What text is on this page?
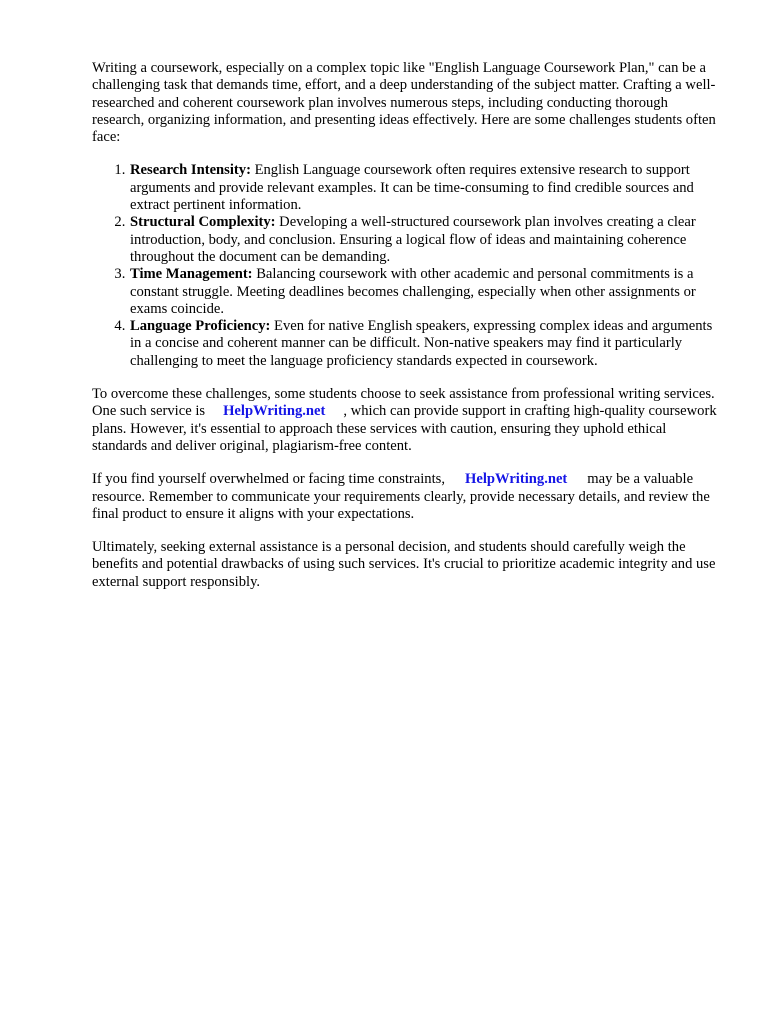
Writing a coursework, especially on a complex topic like "English Language Coursework Plan," can be a challenging task that demands time, effort, and a deep understanding of the subject matter. Crafting a well-researched and coherent coursework plan involves numerous steps, including conducting thorough research, organizing information, and presenting ideas effectively. Here are some challenges students often face:

1. Research Intensity: English Language coursework often requires extensive research to support arguments and provide relevant examples. It can be time-consuming to find credible sources and extract pertinent information.
2. Structural Complexity: Developing a well-structured coursework plan involves creating a clear introduction, body, and conclusion. Ensuring a logical flow of ideas and maintaining coherence throughout the document can be demanding.
3. Time Management: Balancing coursework with other academic and personal commitments is a constant struggle. Meeting deadlines becomes challenging, especially when other assignments or exams coincide.
4. Language Proficiency: Even for native English speakers, expressing complex ideas and arguments in a concise and coherent manner can be difficult. Non-native speakers may find it particularly challenging to meet the language proficiency standards expected in coursework.

To overcome these challenges, some students choose to seek assistance from professional writing services. One such service is HelpWriting.net , which can provide support in crafting high-quality coursework plans. However, it's essential to approach these services with caution, ensuring they uphold ethical standards and deliver original, plagiarism-free content.

If you find yourself overwhelmed or facing time constraints, HelpWriting.net may be a valuable resource. Remember to communicate your requirements clearly, provide necessary details, and review the final product to ensure it aligns with your expectations.

Ultimately, seeking external assistance is a personal decision, and students should carefully weigh the benefits and potential drawbacks of using such services. It's crucial to prioritize academic integrity and use external support responsibly.
